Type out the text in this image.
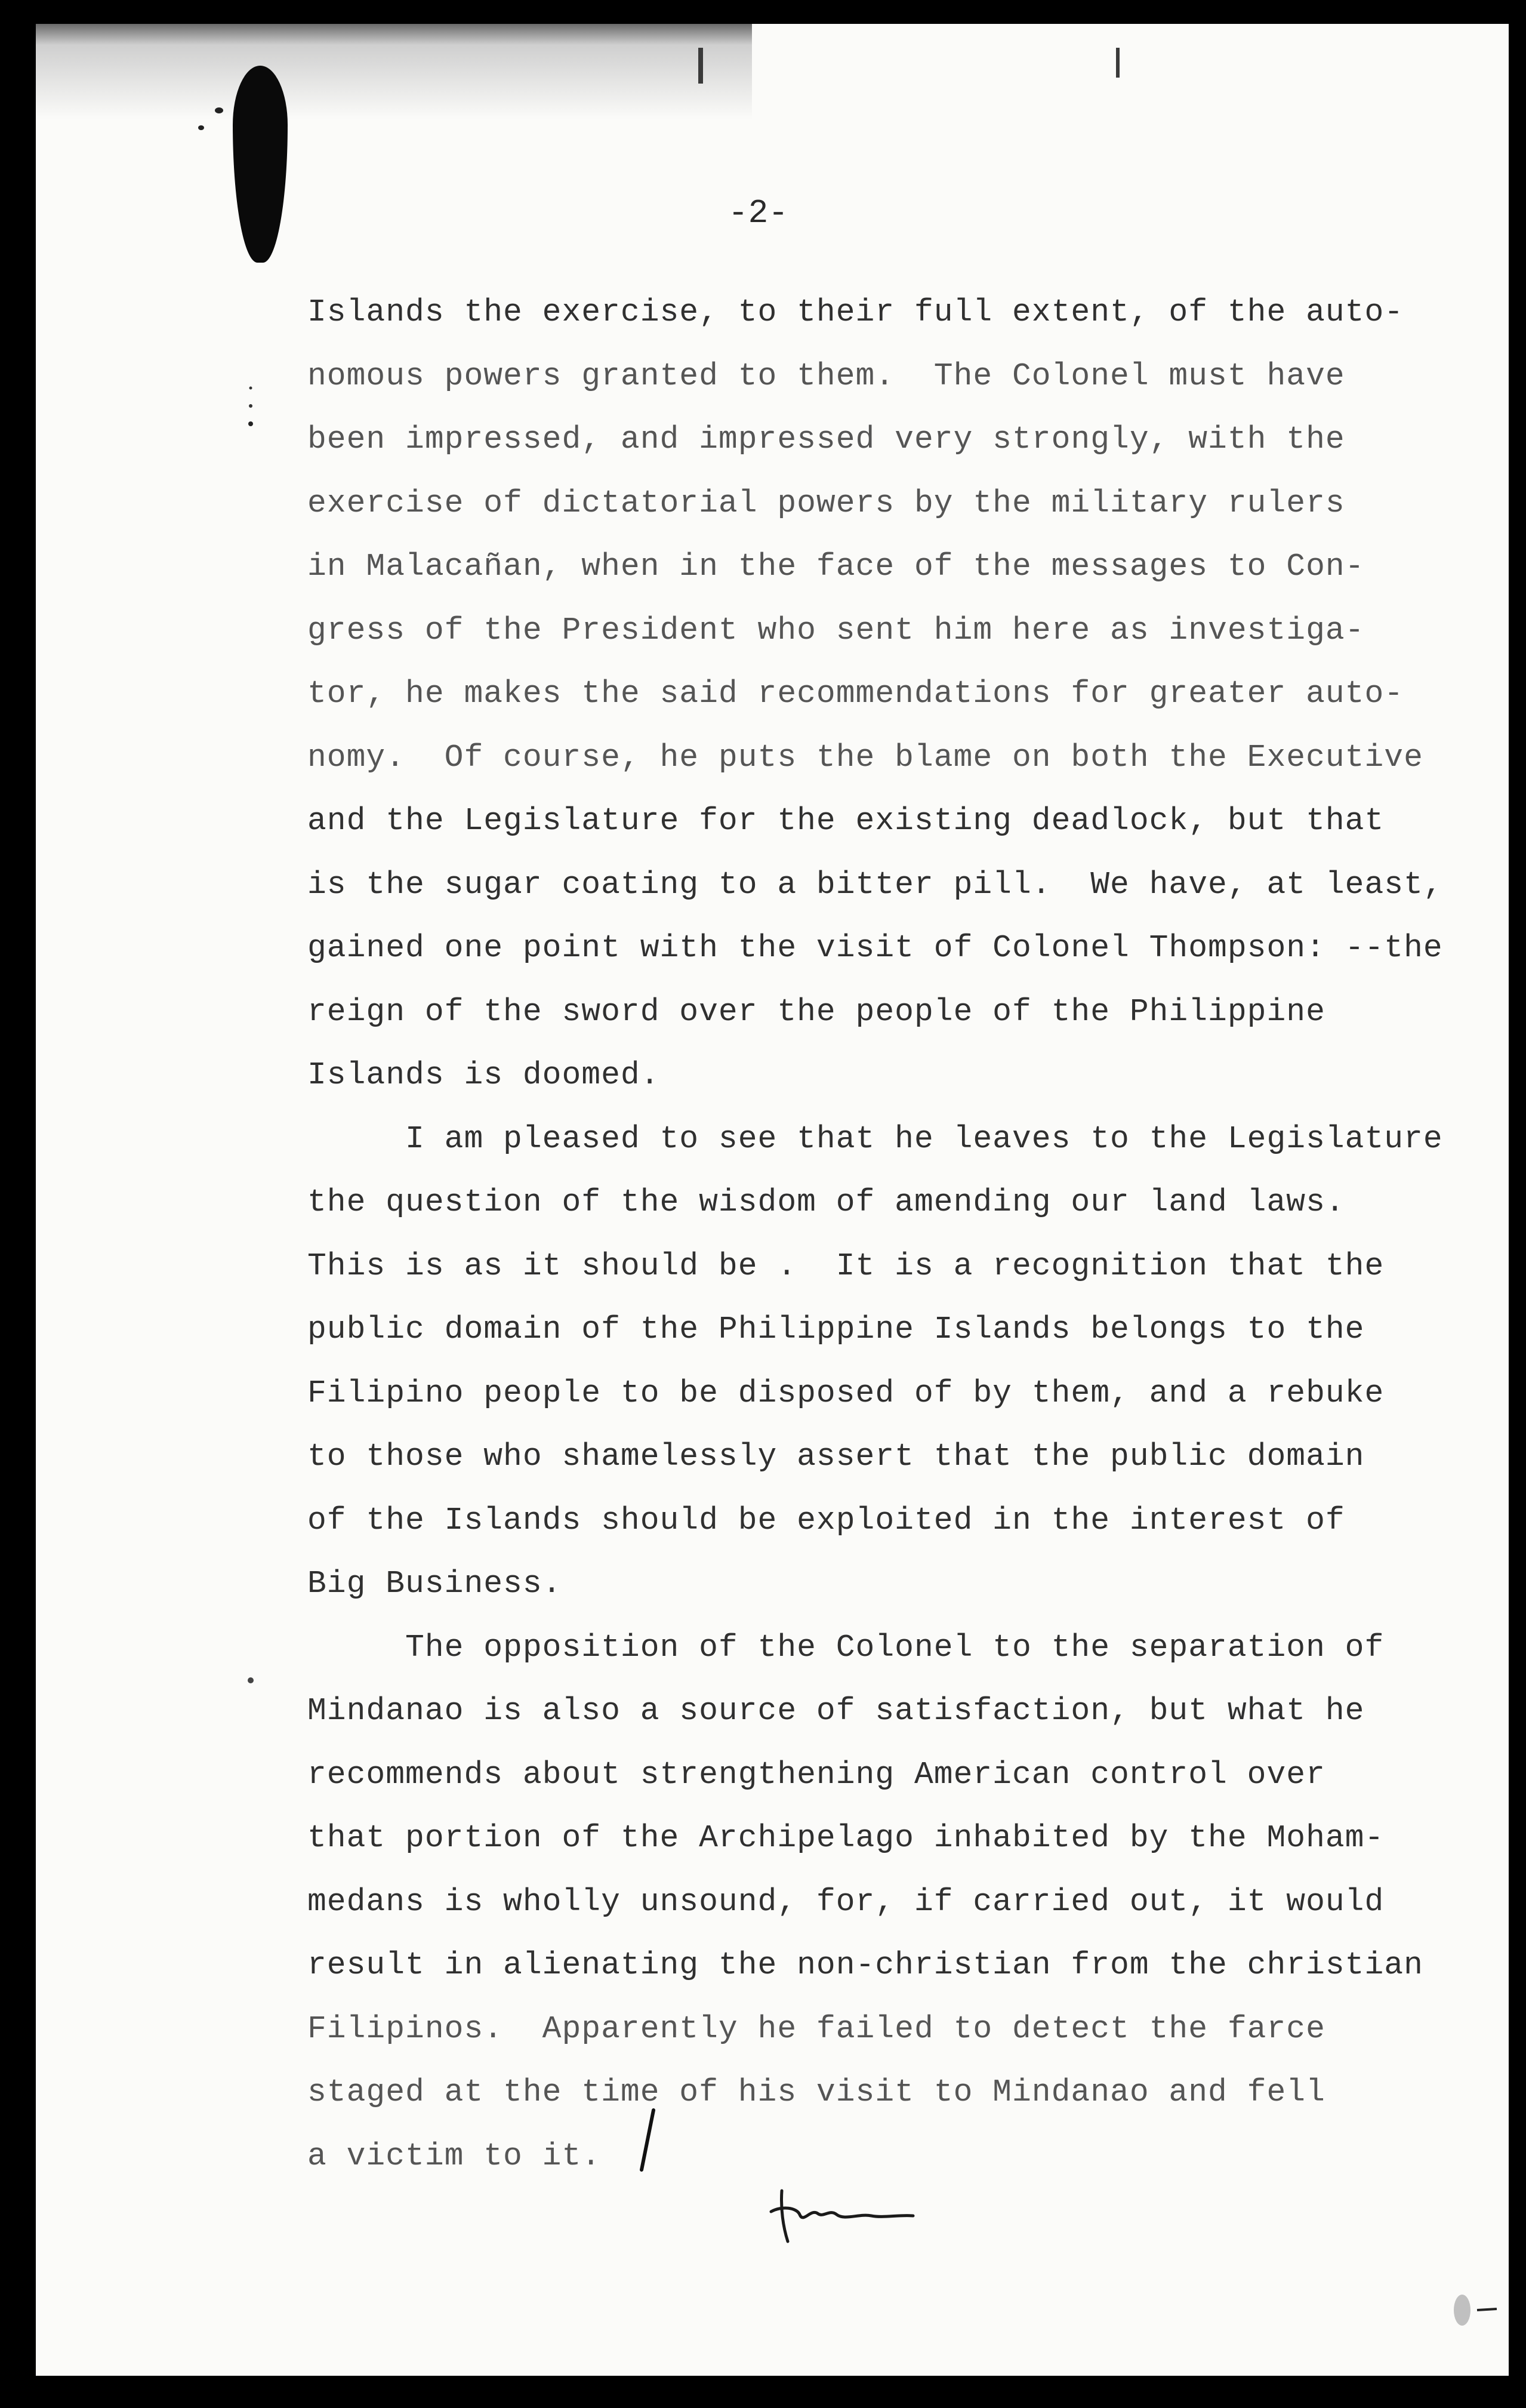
-2-
Islands the exercise, to their full extent, of the auto-
nomous powers granted to them.  The Colonel must have
been impressed, and impressed very strongly, with the
exercise of dictatorial powers by the military rulers
in Malacañan, when in the face of the messages to Con-
gress of the President who sent him here as investiga-
tor, he makes the said recommendations for greater auto-
nomy.  Of course, he puts the blame on both the Executive
and the Legislature for the existing deadlock, but that
is the sugar coating to a bitter pill.  We have, at least,
gained one point with the visit of Colonel Thompson: --the
reign of the sword over the people of the Philippine
Islands is doomed.
I am pleased to see that he leaves to the Legislature
the question of the wisdom of amending our land laws.
This is as it should be .  It is a recognition that the
public domain of the Philippine Islands belongs to the
Filipino people to be disposed of by them, and a rebuke
to those who shamelessly assert that the public domain
of the Islands should be exploited in the interest of
Big Business.
The opposition of the Colonel to the separation of
Mindanao is also a source of satisfaction, but what he
recommends about strengthening American control over
that portion of the Archipelago inhabited by the Moham-
medans is wholly unsound, for, if carried out, it would
result in alienating the non-christian from the christian
Filipinos.  Apparently he failed to detect the farce
staged at the time of his visit to Mindanao and fell
a victim to it.
